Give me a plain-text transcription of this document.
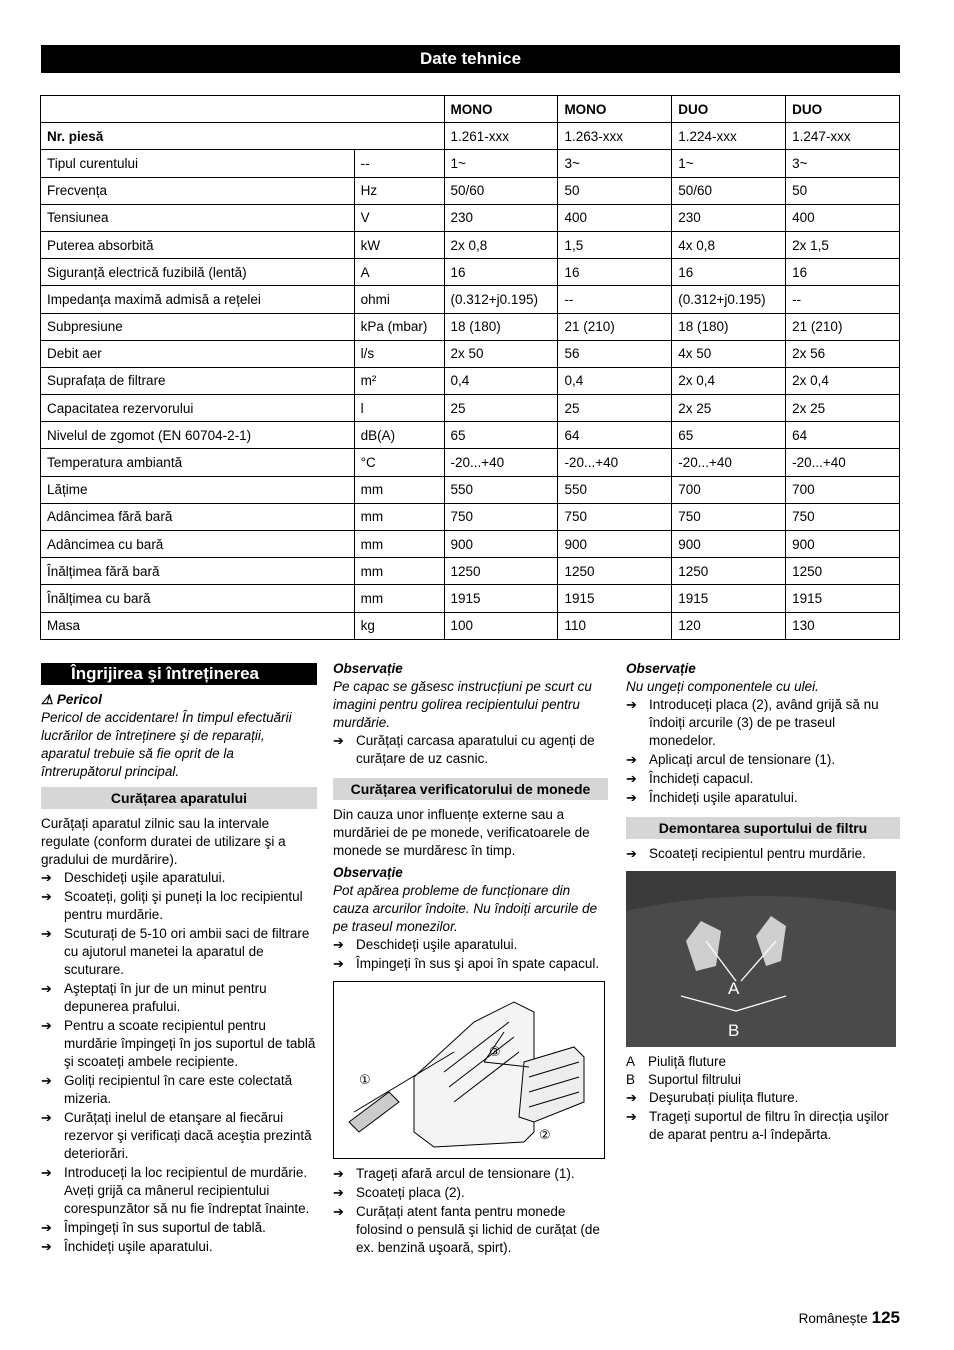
Date tehnice
		MONO	MONO	DUO	DUO
Nr. piesă		1.261-xxx	1.263-xxx	1.224-xxx	1.247-xxx
Tipul curentului	--	1~	3~	1~	3~
Frecvența	Hz	50/60	50	50/60	50
Tensiunea	V	230	400	230	400
Puterea absorbită	kW	2x 0,8	1,5	4x 0,8	2x 1,5
Siguranță electrică fuzibilă (lentă)	A	16	16	16	16
Impedanța maximă admisă a rețelei	ohmi	(0.312+j0.195)	--	(0.312+j0.195)	--
Subpresiune	kPa (mbar)	18 (180)	21 (210)	18 (180)	21 (210)
Debit aer	l/s	2x 50	56	4x 50	2x 56
Suprafața de filtrare	m²	0,4	0,4	2x 0,4	2x 0,4
Capacitatea rezervorului	l	25	25	2x 25	2x 25
Nivelul de zgomot (EN 60704-2-1)	dB(A)	65	64	65	64
Temperatura ambiantă	°C	-20...+40	-20...+40	-20...+40	-20...+40
Lățime	mm	550	550	700	700
Adâncimea fără bară	mm	750	750	750	750
Adâncimea cu bară	mm	900	900	900	900
Înălțimea fără bară	mm	1250	1250	1250	1250
Înălțimea cu bară	mm	1915	1915	1915	1915
Masa	kg	100	110	120	130
Îngrijirea şi întreținerea
⚠ Pericol

Pericol de accidentare! În timpul efectuării lucrărilor de întreținere şi de reparații, aparatul trebuie să fie oprit de la întrerupătorul principal.

Curățarea aparatului

Curățați aparatul zilnic sau la intervale regulate (conform duratei de utilizare şi a gradului de murdărire).

➔ Deschideți uşile aparatului.
➔ Scoateți, goliți şi puneți la loc recipientul pentru murdărie.
➔ Scuturați de 5-10 ori ambii saci de filtrare cu ajutorul manetei la aparatul de scuturare.
➔ Aşteptați în jur de un minut pentru depunerea prafului.
➔ Pentru a scoate recipientul pentru murdărie împingeți în jos suportul de tablă şi scoateți ambele recipiente.
➔ Goliți recipientul în care este colectată mizeria.
➔ Curățați inelul de etanşare al fiecărui rezervor şi verificați dacă aceştia prezintă deteriorări.
➔ Introduceți la loc recipientul de murdărie. Aveți grijă ca mânerul recipientului corespunzător să nu fie îndreptat înainte.
➔ Împingeți în sus suportul de tablă.
➔ Închideți uşile aparatului.
Observație

Pe capac se găsesc instrucțiuni pe scurt cu imagini pentru golirea recipientului pentru murdărie.

➔ Curățați carcasa aparatului cu agenți de curățare de uz casnic.
Curățarea verificatorului de monede

Din cauza unor influențe externe sau a murdăriei de pe monede, verificatoarele de monede se murdăresc în timp.

Observație

Pot apărea probleme de funcționare din cauza arcurilor îndoite. Nu îndoiți arcurile de pe traseul monezilor.

➔ Deschideți uşile aparatului.
➔ Împingeți în sus şi apoi în spate capacul.
①
②
③
➔ Trageți afară arcul de tensionare (1).
➔ Scoateți placa (2).
➔ Curățați atent fanta pentru monede folosind o pensulă şi lichid de curățat (de ex. benzină uşoară, spirt).
Observație

Nu ungeți componentele cu ulei.

➔ Introduceți placa (2), având grijă să nu îndoiți arcurile (3) de pe traseul monedelor.
➔ Aplicați arcul de tensionare (1).
➔ Închideți capacul.
➔ Închideți uşile aparatului.
Demontarea suportului de filtru
➔ Scoateți recipientul pentru murdărie.
A
B
A Piuliță fluture
B Suportul filtrului
➔ Deşurubați piulița fluture.
➔ Trageți suportul de filtru în direcția uşilor de aparat pentru a-l îndepărta.
Românește 125
